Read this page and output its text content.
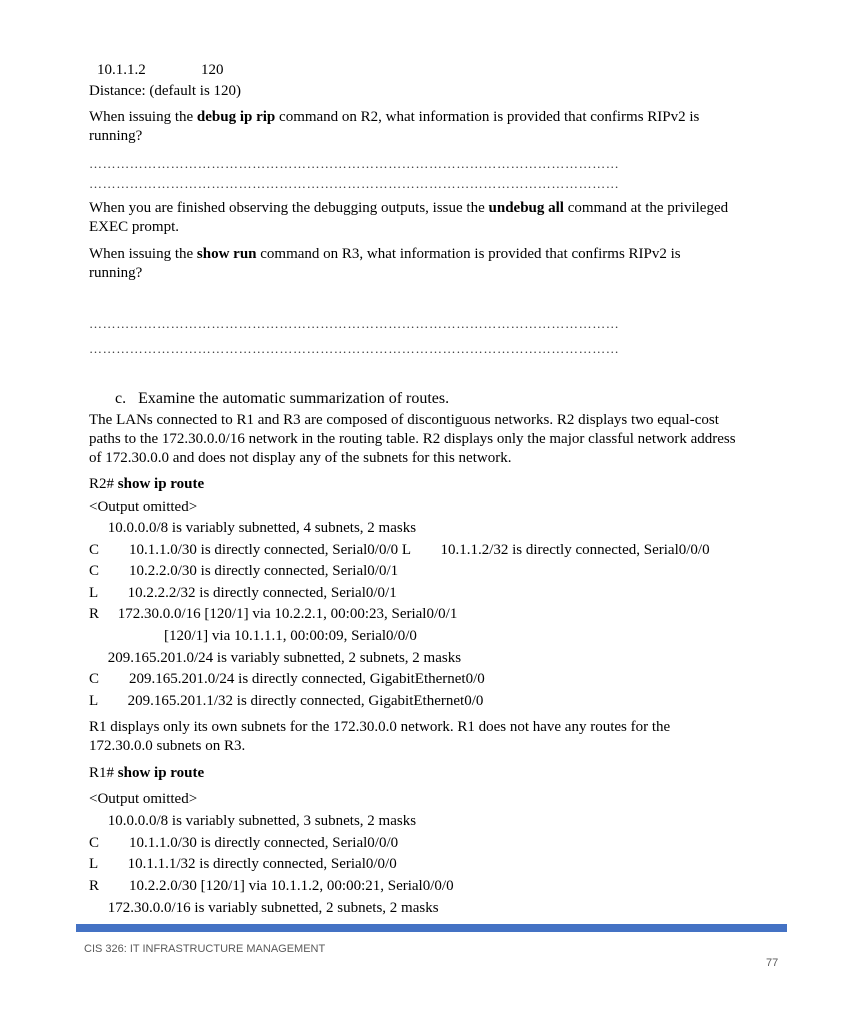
10.1.1.2	120
Distance: (default is 120)
When issuing the debug ip rip command on R2, what information is provided that confirms RIPv2 is
running?
………………………………………………………………………………………………………
………………………………………………………………………………………………………
When you are finished observing the debugging outputs, issue the undebug all command at the privileged
EXEC prompt.
When issuing the show run command on R3, what information is provided that confirms RIPv2 is
running?
………………………………………………………………………………………………………
………………………………………………………………………………………………………
c. Examine the automatic summarization of routes.
The LANs connected to R1 and R3 are composed of discontiguous networks. R2 displays two equal-cost
paths to the 172.30.0.0/16 network in the routing table. R2 displays only the major classful network address
of 172.30.0.0 and does not display any of the subnets for this network.
R2# show ip route
<Output omitted>
10.0.0.0/8 is variably subnetted, 4 subnets, 2 masks
C        10.1.1.0/30 is directly connected, Serial0/0/0 L        10.1.1.2/32 is directly connected, Serial0/0/0
C        10.2.2.0/30 is directly connected, Serial0/0/1
L        10.2.2.2/32 is directly connected, Serial0/0/1
R     172.30.0.0/16 [120/1] via 10.2.2.1, 00:00:23, Serial0/0/1
[120/1] via 10.1.1.1, 00:00:09, Serial0/0/0
209.165.201.0/24 is variably subnetted, 2 subnets, 2 masks
C        209.165.201.0/24 is directly connected, GigabitEthernet0/0
L        209.165.201.1/32 is directly connected, GigabitEthernet0/0
R1 displays only its own subnets for the 172.30.0.0 network. R1 does not have any routes for the
172.30.0.0 subnets on R3.
R1# show ip route
<Output omitted>
10.0.0.0/8 is variably subnetted, 3 subnets, 2 masks
C        10.1.1.0/30 is directly connected, Serial0/0/0
L        10.1.1.1/32 is directly connected, Serial0/0/0
R        10.2.2.0/30 [120/1] via 10.1.1.2, 00:00:21, Serial0/0/0
172.30.0.0/16 is variably subnetted, 2 subnets, 2 masks
CIS 326: IT INFRASTRUCTURE MANAGEMENT
77
